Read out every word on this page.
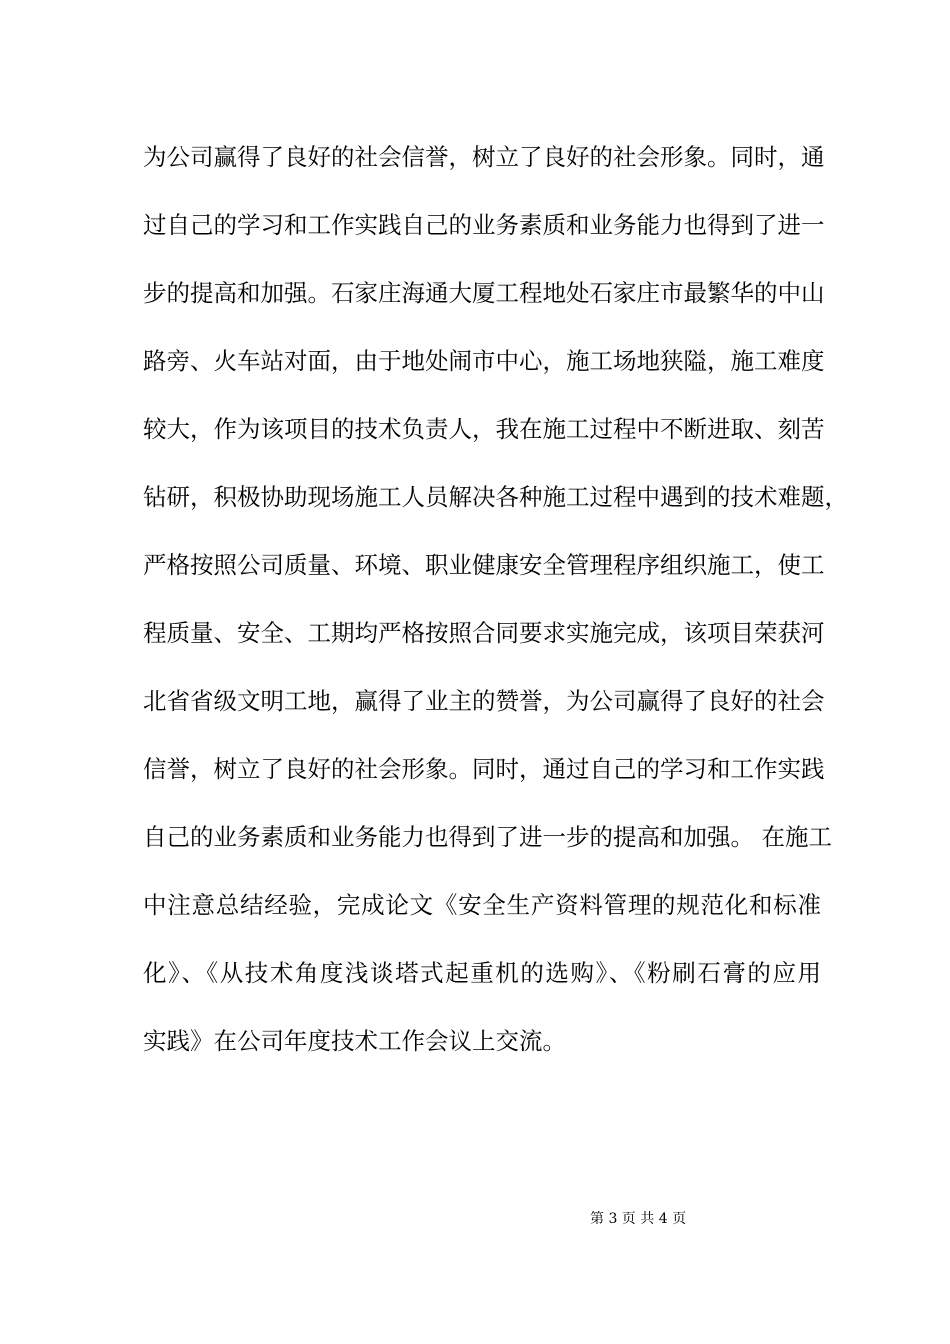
为公司赢得了良好的社会信誉，树立了良好的社会形象。同时，通
过自己的学习和工作实践自己的业务素质和业务能力也得到了进一
步的提高和加强。石家庄海通大厦工程地处石家庄市最繁华的中山
路旁、火车站对面，由于地处闹市中心，施工场地狭隘，施工难度
较大，作为该项目的技术负责人，我在施工过程中不断进取、刻苦
钻研，积极协助现场施工人员解决各种施工过程中遇到的技术难题，
严格按照公司质量、环境、职业健康安全管理程序组织施工，使工
程质量、安全、工期均严格按照合同要求实施完成，该项目荣获河
北省省级文明工地，赢得了业主的赞誉，为公司赢得了良好的社会
信誉，树立了良好的社会形象。同时，通过自己的学习和工作实践
自己的业务素质和业务能力也得到了进一步的提高和加强。 在施工
中注意总结经验，完成论文《安全生产资料管理的规范化和标准
化》、《从技术角度浅谈塔式起重机的选购》、《粉刷石膏的应用
实践》在公司年度技术工作会议上交流。
第 3 页 共 4 页
